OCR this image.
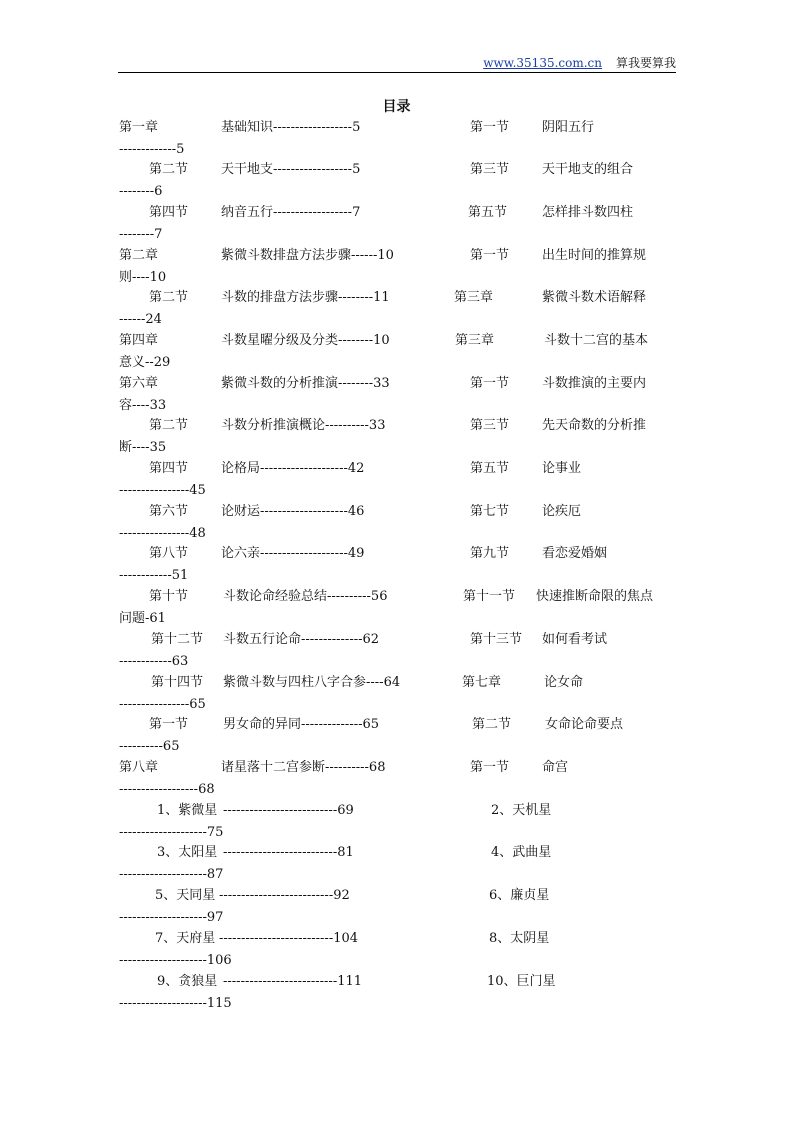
www.35135.com.cn 算我要算我
目录
第一章	基础知识------------------5	第一节	阴阳五行
-------------5
第二节	天干地支------------------5	第三节	天干地支的组合
--------6
第四节	纳音五行------------------7	第五节	怎样排斗数四柱
--------7
第二章	紫微斗数排盘方法步骤------10	第一节	出生时间的推算规
则----10
第二节	斗数的排盘方法步骤--------11	第三章	紫微斗数术语解释
------24
第四章	斗数星曜分级及分类--------10	第三章	斗数十二宫的基本
意义--29
第六章	紫微斗数的分析推演--------33	第一节	斗数推演的主要内
容----33
第二节	斗数分析推演概论----------33	第三节	先天命数的分析推
断----35
第四节	论格局--------------------42	第五节	论事业
----------------45
第六节	论财运--------------------46	第七节	论疾厄
----------------48
第八节	论六亲--------------------49	第九节	看恋爱婚姻
------------51
第十节	斗数论命经验总结----------56	第十一节 快速推断命限的焦点
问题-61
第十二节 斗数五行论命--------------62	第十三节 如何看考试
------------63
第十四节 紫微斗数与四柱八字合参----64	第七章	论女命
----------------65
第一节	男女命的异同--------------65	第二节	女命论命要点
----------65
第八章	诸星落十二宫参断----------68	第一节	命宫
------------------68
1、紫微星 --------------------------69	2、天机星
--------------------75
3、太阳星 --------------------------81	4、武曲星
--------------------87
5、天同星 --------------------------92	6、廉贞星
--------------------97
7、天府星 --------------------------104	8、太阴星
--------------------106
9、贪狼星 --------------------------111	10、巨门星
--------------------115
